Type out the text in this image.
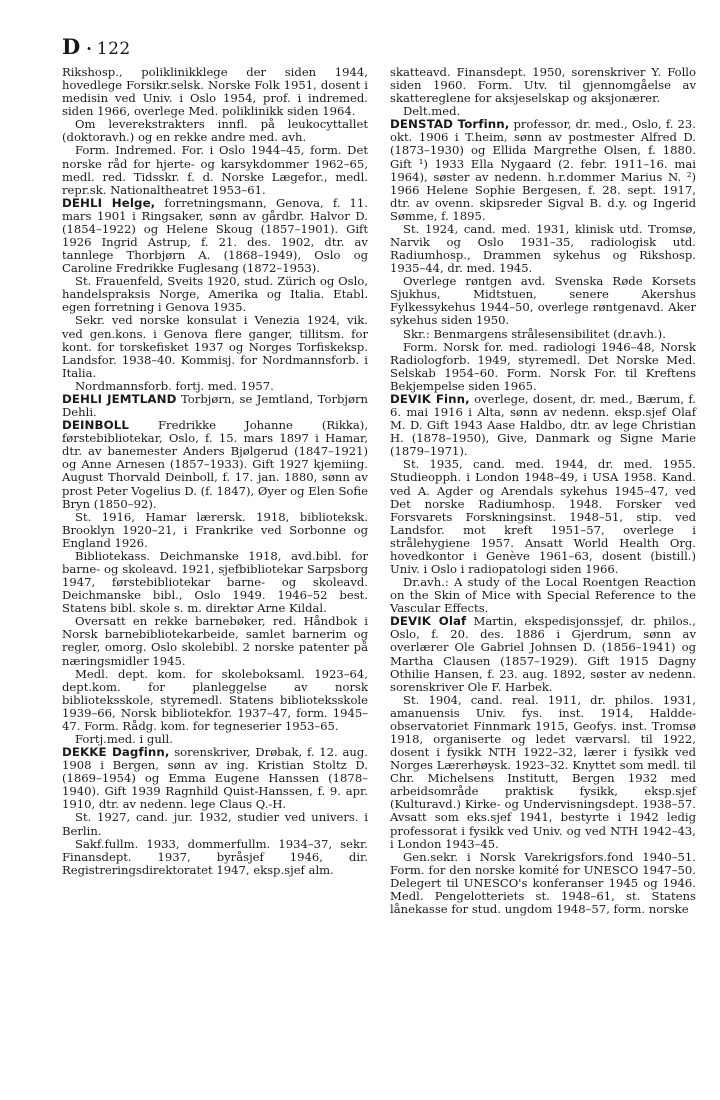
D · 122

Rikshosp., poliklinikklege der siden 1944, hovedlege Forsikr.selsk. Norske Folk 1951, dosent i medisin ved Univ. i Oslo 1954, prof. i indremed. siden 1966, overlege Med. poliklinikk siden 1964.

Om leverekstrakters innfl. på leukocyttallet (doktoravh.) og en rekke andre med. avh.

Form. Indremed. For. i Oslo 1944–45, form. Det norske råd for hjerte- og karsykdommer 1962–65, medl. red. Tidsskr. f. d. Norske Lægefor., medl. repr.sk. Nationaltheatret 1953–61.

DEHLI Helge, forretningsmann, Genova, f. 11. mars 1901 i Ringsaker, sønn av gårdbr. Halvor D. (1854–1922) og Helene Skoug (1857–1901). Gift 1926 Ingrid Astrup, f. 21. des. 1902, dtr. av tannlege Thorbjørn A. (1868–1949), Oslo og Caroline Fredrikke Fuglesang (1872–1953).

St. Frauenfeld, Sveits 1920, stud. Zürich og Oslo, handelspraksis Norge, Amerika og Italia. Etabl. egen forretning i Genova 1935.

Sekr. ved norske konsulat i Venezia 1924, vik. ved gen.kons. i Genova flere ganger, tillitsm. for kont. for torskefisket 1937 og Norges Torfiskeksp. Landsfor. 1938–40. Kommisj. for Nordmannsforb. i Italia.

Nordmannsforb. fortj. med. 1957.

DEHLI JEMTLAND Torbjørn, se Jemtland, Torbjørn Dehli.

DEINBOLL	Fredrikke Johanne (Rikka), førstebibliotekar, Oslo, f. 15. mars 1897 i Hamar, dtr. av banemester Anders Bjølgerud (1847–1921) og Anne Arnesen (1857–1933). Gift 1927 kjemiing. August Thorvald Deinboll, f. 17. jan. 1880, sønn av prost Peter Vogelius D. (f. 1847), Øyer og Elen Sofie Bryn (1850–92).

St. 1916, Hamar lærersk. 1918, biblioteksk. Brooklyn 1920–21, i Frankrike ved Sorbonne og England 1926.

Bibliotekass. Deichmanske 1918, avd.bibl. for barne- og skoleavd. 1921, sjefbibliotekar Sarpsborg 1947, førstebibliotekar barne- og skoleavd. Deichmanske bibl., Oslo 1949. 1946–52 best. Statens bibl. skole s. m. direktør Arne Kildal.

Oversatt en rekke barnebøker, red. Håndbok i Norsk barnebibliotekarbeide, samlet barnerim og regler, omorg. Oslo skolebibl. 2 norske patenter på næringsmidler 1945.

Medl. dept. kom. for skoleboksaml. 1923–64, dept.kom. for planleggelse av norsk biblioteksskole, styremedl. Statens biblioteksskole 1939–66, Norsk bibliotekfor. 1937–47, form. 1945–47. Form. Rådg. kom. for tegneserier 1953–65.

Fortj.med. i gull.

DEKKE Dagfinn, sorenskriver, Drøbak, f. 12. aug. 1908 i Bergen, sønn av ing. Kristian Stoltz D. (1869–1954) og Emma Eugene Hanssen (1878–1940). Gift 1939 Ragnhild Quist-Hanssen, f. 9. apr. 1910, dtr. av nedenn. lege Claus Q.-H.

St. 1927, cand. jur. 1932, studier ved univers. i Berlin.

Sakf.fullm. 1933, dommerfullm. 1934–37, sekr. Finansdept. 1937, byråsjef 1946, dir. Registreringsdirektoratet 1947, eksp.sjef alm.

skatteavd. Finansdept. 1950, sorenskriver Y. Follo siden 1960. Form. Utv. til gjennomgåelse av skattereglene for aksjeselskap og aksjonærer.

Delt.med.

DENSTAD Torfinn, professor, dr. med., Oslo, f. 23. okt. 1906 i T.heim, sønn av postmester Alfred D. (1873–1930) og Ellida Margrethe Olsen, f. 1880. Gift ¹) 1933 Ella Nygaard (2. febr. 1911–16. mai 1964), søster av nedenn. h.r.dommer Marius N. ²) 1966 Helene Sophie Bergesen, f. 28. sept. 1917, dtr. av ovenn. skipsreder Sigval B. d.y. og Ingerid Sømme, f. 1895.

St. 1924, cand. med. 1931, klinisk utd. Tromsø, Narvik og Oslo 1931–35, radiologisk utd. Radiumhosp., Drammen sykehus og Rikshosp. 1935–44, dr. med. 1945.

Overlege røntgen avd. Svenska Røde Korsets Sjukhus, Midtstuen, senere Akershus Fylkessykehus 1944–50, overlege røntgenavd. Aker sykehus siden 1950.

Skr.: Benmargens strålesensibilitet (dr.avh.).

Form. Norsk for. med. radiologi 1946–48, Norsk Radiologforb. 1949, styremedl. Det Norske Med. Selskab 1954–60. Form. Norsk For. til Kreftens Bekjempelse siden 1965.

DEVIK Finn, overlege, dosent, dr. med., Bærum, f. 6. mai 1916 i Alta, sønn av nedenn. eksp.sjef Olaf M. D. Gift 1943 Aase Haldbo, dtr. av lege Christian H. (1878–1950), Give, Danmark og Signe Marie (1879–1971).

St. 1935, cand. med. 1944, dr. med. 1955. Studieopph. i London 1948–49, i USA 1958. Kand. ved A. Agder og Arendals sykehus 1945–47, ved Det norske Radiumhosp. 1948. Forsker ved Forsvarets Forskningsinst. 1948–51, stip. ved Landsfor. mot kreft 1951–57, overlege i strålehygiene 1957. Ansatt World Health Org. hovedkontor i Genève 1961–63, dosent (bistill.) Univ. i Oslo i radiopatologi siden 1966.

Dr.avh.: A study of the Local Roentgen Reaction on the Skin of Mice with Special Reference to the Vascular Effects.

DEVIK Olaf Martin, ekspedisjonssjef, dr. philos., Oslo, f. 20. des. 1886 i Gjerdrum, sønn av overlærer Ole Gabriel Johnsen D. (1856–1941) og Martha Clausen (1857–1929). Gift 1915 Dagny Othilie Hansen, f. 23. aug. 1892, søster av nedenn. sorenskriver Ole F. Harbek.

St. 1904, cand. real. 1911, dr. philos. 1931, amanuensis Univ. fys. inst. 1914, Haldde-observatoriet Finnmark 1915, Geofys. inst. Tromsø 1918, organiserte og ledet værvarsl. til 1922, dosent i fysikk NTH 1922–32, lærer i fysikk ved Norges Lærerhøysk. 1923–32. Knyttet som medl. til Chr. Michelsens Institutt, Bergen 1932 med arbeidsområde praktisk fysikk, eksp.sjef (Kulturavd.) Kirke- og Undervisningsdept. 1938–57. Avsatt som eks.sjef 1941, bestyrte i 1942 ledig professorat i fysikk ved Univ. og ved NTH 1942–43, i London 1943–45.

Gen.sekr. i Norsk Varekrigsfors.fond 1940–51. Form. for den norske komité for UNESCO 1947–50. Delegert til UNESCO's konferanser 1945 og 1946. Medl. Pengelotteriets st. 1948–61, st. Statens lånekasse for stud. ungdom 1948–57, form. norske
